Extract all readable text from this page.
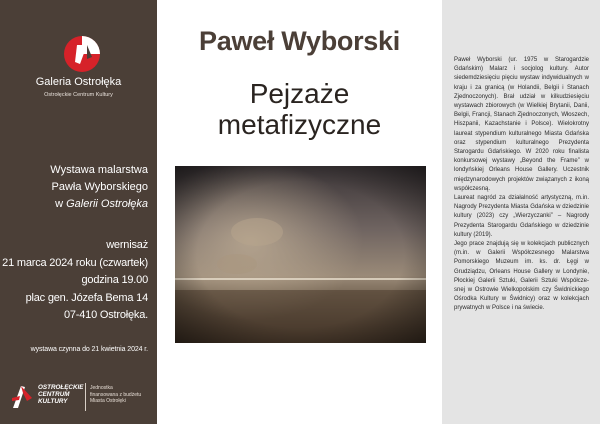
Galeria Ostrołęka
Ostrołęckie Centrum Kultury
Wystawa malarstwa
Pawła Wyborskiego
w Galerii Ostrołęka
wernisaż
21 marca 2024 roku (czwartek)
godzina 19.00
plac gen. Józefa Bema 14
07-410 Ostrołęka.
wystawa czynna do 21 kwietnia 2024 r.
OSTROŁĘCKIE
CENTRUM
KULTURY
Jednostka
finansowana z budżetu
Miasta Ostrołęki
Paweł Wyborski
Pejzaże
metafizyczne

Paweł Wyborski (ur. 1975 w Starogardzie Gdańskim) Malarz i socjolog kultury. Autor siedemdziesięciu pięciu wystaw indywidualnych w kraju i za granicą (w Holandii, Belgii i Stanach Zjednoczonych). Brał udział w kilkudziesięciu wystawach zbiorowych (w Wielkiej Brytanii, Danii, Belgii, Francji, Stanach Zjednoczonych, Włoszech, Hiszpanii, Kazachstanie i Polsce). Wielokrotny laureat stypendium kulturalnego Miasta Gdańska oraz stypendium kulturalnego Prezydenta Starogardu Gdańskiego. W 2020 roku finalista konkursowej wystawy „Beyond the Frame” w londyńskiej Orleans House Gallery. Uczestnik międzynarodowych projektów związanych z ikoną współczesną.

Laureat nagród za działalność artystyczną, m.in. Nagrody Prezydenta Miasta Gdańska w dziedzinie kultury (2023) czy „Wierzyczanki” – Nagrody Prezydenta Starogardu Gdańskiego w dziedzinie kultury (2019).

Jego prace znajdują się w kolekcjach publicznych (m.in. w Galerii Współczesnego Malarstwa Pomorskiego Muzeum im. ks. dr. Łęgi w Grudziądzu, Orleans House Gallery w Londynie, Płockiej Galerii Sztuki, Galerii Sztuki Współczesnej w Ostrowie Wielkopolskim czy Świdnickiego Ośrodka Kultury w Świdnicy) oraz w kolekcjach prywatnych w Polsce i na świecie.
